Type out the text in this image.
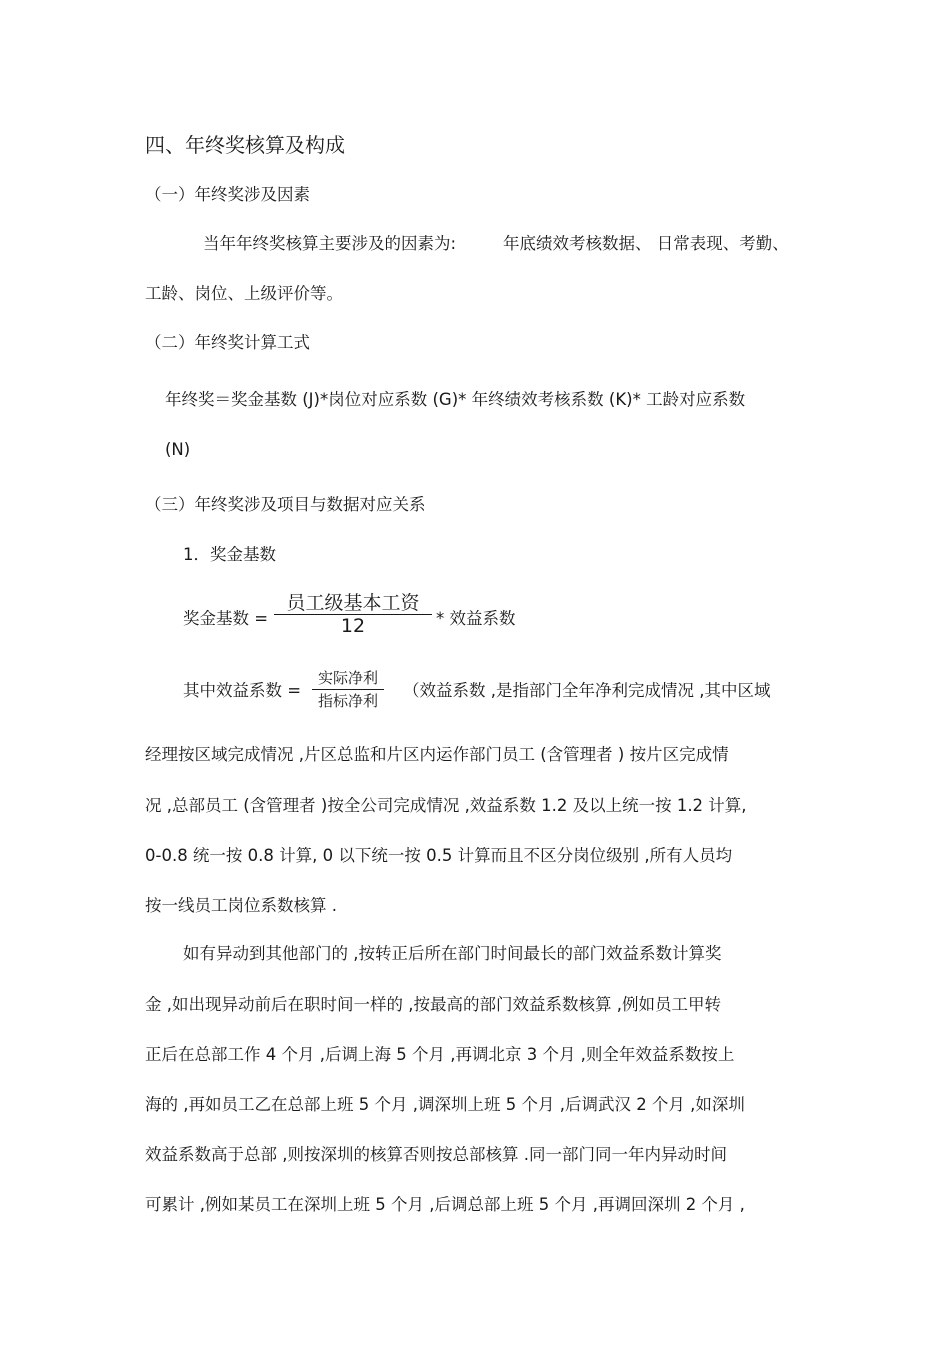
四、年终奖核算及构成
（一）年终奖涉及因素
当年年终奖核算主要涉及的因素为:	年底绩效考核数据、 日常表现、考勤、
工龄、岗位、上级评价等。
（二）年终奖计算工式
年终奖＝奖金基数 (J)*岗位对应系数 (G)* 年终绩效考核系数 (K)* 工龄对应系数
(N)
（三）年终奖涉及项目与数据对应关系
1．奖金基数
奖金基数 =
员工级基本工资
12	* 效益系数
其中效益系数 =
实际净利
指标净利
（效益系数 ,是指部门全年净利完成情况 ,其中区域
经理按区域完成情况 ,片区总监和片区内运作部门员工 (含管理者 ) 按片区完成情
况 ,总部员工 (含管理者 )按全公司完成情况 ,效益系数 1.2 及以上统一按 1.2 计算,
0-0.8 统一按 0.8 计算, 0 以下统一按 0.5 计算而且不区分岗位级别 ,所有人员均
按一线员工岗位系数核算 .
如有异动到其他部门的 ,按转正后所在部门时间最长的部门效益系数计算奖
金 ,如出现异动前后在职时间一样的 ,按最高的部门效益系数核算 ,例如员工甲转
正后在总部工作 4 个月 ,后调上海 5 个月 ,再调北京 3 个月 ,则全年效益系数按上
海的 ,再如员工乙在总部上班 5 个月 ,调深圳上班 5 个月 ,后调武汉 2 个月 ,如深圳
效益系数高于总部 ,则按深圳的核算否则按总部核算 .同一部门同一年内异动时间
可累计 ,例如某员工在深圳上班 5 个月 ,后调总部上班 5 个月 ,再调回深圳 2 个月 ,
